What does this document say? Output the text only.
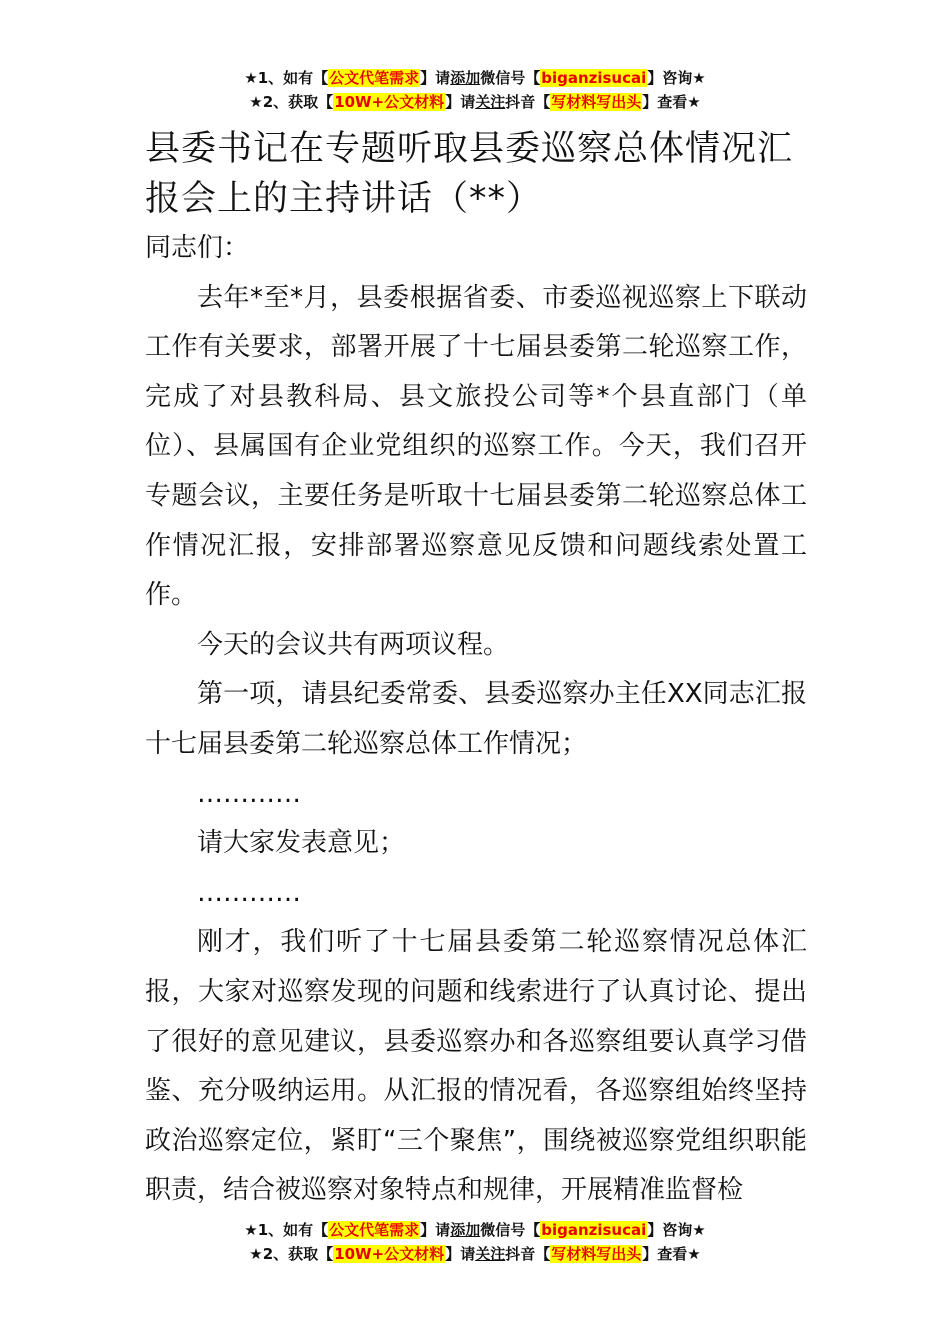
★1、如有【公文代笔需求】请添加微信号【biganzisucai】咨询★
★2、获取【10W+公文材料】请关注抖音【写材料写出头】查看★
县委书记在专题听取县委巡察总体情况汇报会上的主持讲话（**）

同志们：

去年*至*月，县委根据省委、市委巡视巡察上下联动工作有关要求，部署开展了十七届县委第二轮巡察工作，完成了对县教科局、县文旅投公司等*个县直部门（单位）、县属国有企业党组织的巡察工作。今天，我们召开专题会议，主要任务是听取十七届县委第二轮巡察总体工作情况汇报，安排部署巡察意见反馈和问题线索处置工作。

今天的会议共有两项议程。

第一项，请县纪委常委、县委巡察办主任XX同志汇报十七届县委第二轮巡察总体工作情况；

…………

请大家发表意见；

…………

刚才，我们听了十七届县委第二轮巡察情况总体汇报，大家对巡察发现的问题和线索进行了认真讨论、提出了很好的意见建议，县委巡察办和各巡察组要认真学习借鉴、充分吸纳运用。从汇报的情况看，各巡察组始终坚持政治巡察定位，紧盯“三个聚焦”，围绕被巡察党组织职能职责，结合被巡察对象特点和规律，开展精准监督检

★1、如有【公文代笔需求】请添加微信号【biganzisucai】咨询★
★2、获取【10W+公文材料】请关注抖音【写材料写出头】查看★
